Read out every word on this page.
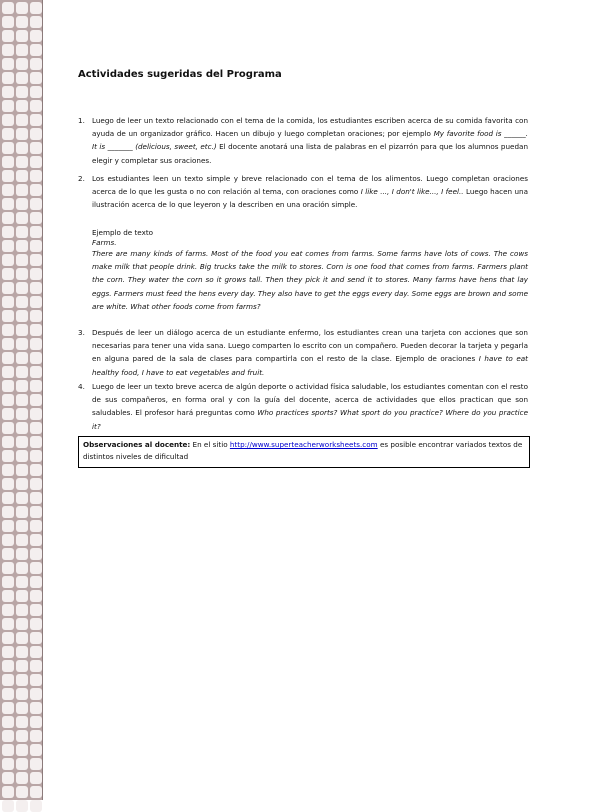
Actividades sugeridas del Programa
1. Luego de leer un texto relacionado con el tema de la comida, los estudiantes escriben acerca de su comida favorita con ayuda de un organizador gráfico. Hacen un dibujo y luego completan oraciones; por ejemplo My favorite food is ______. It is _______ (delicious, sweet, etc.) El docente anotará una lista de palabras en el pizarrón para que los alumnos puedan elegir y completar sus oraciones.
2. Los estudiantes leen un texto simple y breve relacionado con el tema de los alimentos. Luego completan oraciones acerca de lo que les gusta o no con relación al tema, con oraciones como I like ..., I don't like..., I feel.. Luego hacen una ilustración acerca de lo que leyeron y la describen en una oración simple.
Ejemplo de texto
Farms.
There are many kinds of farms. Most of the food you eat comes from farms. Some farms have lots of cows. The cows make milk that people drink. Big trucks take the milk to stores. Corn is one food that comes from farms. Farmers plant the corn. They water the corn so it grows tall. Then they pick it and send it to stores. Many farms have hens that lay eggs. Farmers must feed the hens every day. They also have to get the eggs every day. Some eggs are brown and some are white. What other foods come from farms?
3. Después de leer un diálogo acerca de un estudiante enfermo, los estudiantes crean una tarjeta con acciones que son necesarias para tener una vida sana. Luego comparten lo escrito con un compañero. Pueden decorar la tarjeta y pegarla en alguna pared de la sala de clases para compartirla con el resto de la clase. Ejemplo de oraciones I have to eat healthy food, I have to eat vegetables and fruit.
4. Luego de leer un texto breve acerca de algún deporte o actividad física saludable, los estudiantes comentan con el resto de sus compañeros, en forma oral y con la guía del docente, acerca de actividades que ellos practican que son saludables. El profesor hará preguntas como Who practices sports? What sport do you practice? Where do you practice it?
Observaciones al docente: En el sitio http://www.superteacherworksheets.com es posible encontrar variados textos de distintos niveles de dificultad
